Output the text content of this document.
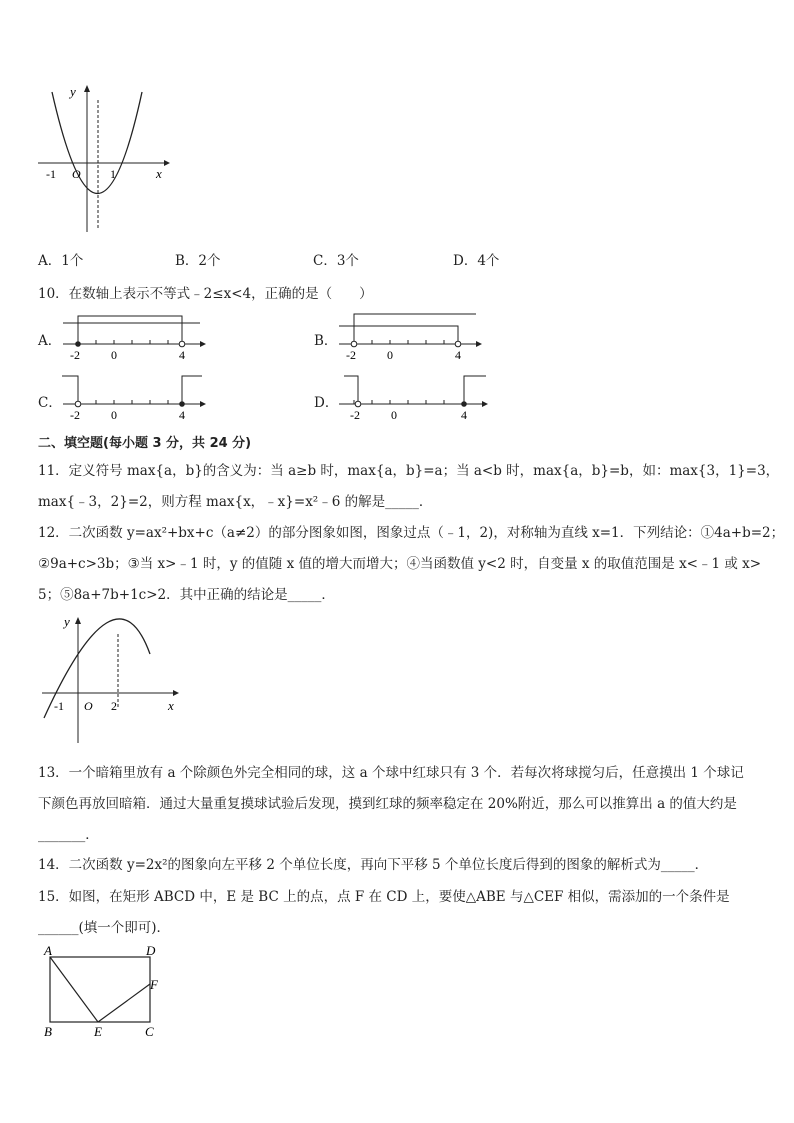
y
x
-1 O 1
A．1个	B．2个	C．3个	D．4个
10．在数轴上表示不等式﹣2≤x<4，正确的是（　　）
A．
-2	0	4
B．
-2	0	4
C．
-2	0	4
D．
-2	0	4
二、填空题(每小题 3 分，共 24 分)
11．定义符号 max{a，b}的含义为：当 a≥b 时，max{a，b}=a；当 a<b 时，max{a，b}=b，如：max{3，1}=3，
max{﹣3，2}=2，则方程 max{x，﹣x}=x²﹣6 的解是_____．
12．二次函数 y=ax²+bx+c（a≠2）的部分图象如图，图象过点（﹣1，2)，对称轴为直线 x=1．下列结论：①4a+b=2；
②9a+c>3b；③当 x>﹣1 时，y 的值随 x 值的增大而增大；④当函数值 y<2 时，自变量 x 的取值范围是 x<﹣1 或 x>
5；⑤8a+7b+1c>2．其中正确的结论是_____．
y
x
-1 O 2
13．一个暗箱里放有 a 个除颜色外完全相同的球，这 a 个球中红球只有 3 个．若每次将球搅匀后，任意摸出 1 个球记
下颜色再放回暗箱．通过大量重复摸球试验后发现，摸到红球的频率稳定在 20%附近，那么可以推算出 a 的值大约是
_______．
14．二次函数 y=2x²的图象向左平移 2 个单位长度，再向下平移 5 个单位长度后得到的图象的解析式为_____．
15．如图，在矩形 ABCD 中，E 是 BC 上的点，点 F 在 CD 上，要使△ABE 与△CEF 相似，需添加的一个条件是
______(填一个即可)．
A	D
F
B	E	C
